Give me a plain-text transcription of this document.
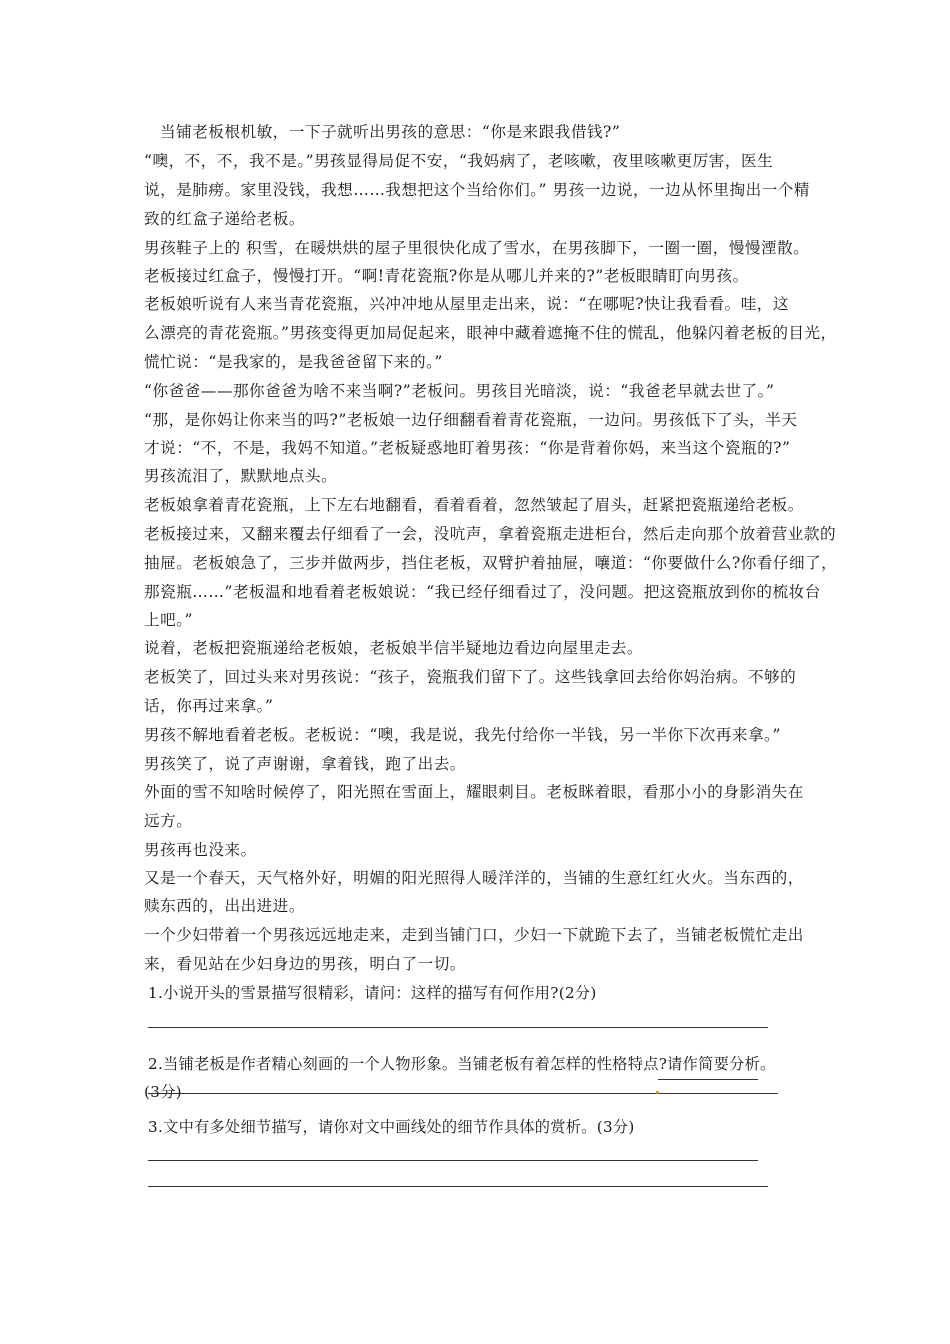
当铺老板根机敏，一下子就听出男孩的意思：“你是来跟我借钱?”

“噢，不，不，我不是。”男孩显得局促不安，“我妈病了，老咳嗽，夜里咳嗽更厉害，医生

说，是肺痨。家里没钱，我想……我想把这个当给你们。” 男孩一边说，一边从怀里掏出一个精

致的红盒子递给老板。

男孩鞋子上的 积雪，在暖烘烘的屋子里很快化成了雪水，在男孩脚下，一圈一圈，慢慢湮散。

老板接过红盒子，慢慢打开。“啊!青花瓷瓶?你是从哪儿并来的?”老板眼睛盯向男孩。

老板娘听说有人来当青花瓷瓶，兴冲冲地从屋里走出来，说：“在哪呢?快让我看看。哇，这

么漂亮的青花瓷瓶。”男孩变得更加局促起来，眼神中藏着遮掩不住的慌乱，他躲闪着老板的目光，

慌忙说：“是我家的，是我爸爸留下来的。”

“你爸爸——那你爸爸为啥不来当啊?”老板问。男孩目光暗淡，说：“我爸老早就去世了。”

“那，是你妈让你来当的吗?”老板娘一边仔细翻看着青花瓷瓶，一边问。男孩低下了头，半天

才说：“不，不是，我妈不知道。”老板疑惑地盯着男孩：“你是背着你妈，来当这个瓷瓶的?”

男孩流泪了，默默地点头。

老板娘拿着青花瓷瓶，上下左右地翻看，看着看着，忽然皱起了眉头，赶紧把瓷瓶递给老板。

老板接过来，又翻来覆去仔细看了一会，没吭声，拿着瓷瓶走进柜台，然后走向那个放着营业款的

抽屉。老板娘急了，三步并做两步，挡住老板，双臂护着抽屉，嚷道：“你要做什么?你看仔细了，

那瓷瓶……”老板温和地看着老板娘说：“我已经仔细看过了，没问题。把这瓷瓶放到你的梳妆台

上吧。”

说着，老板把瓷瓶递给老板娘，老板娘半信半疑地边看边向屋里走去。

老板笑了，回过头来对男孩说：“孩子，瓷瓶我们留下了。这些钱拿回去给你妈治病。不够的

话，你再过来拿。”

男孩不解地看着老板。老板说：“噢，我是说，我先付给你一半钱，另一半你下次再来拿。”

男孩笑了，说了声谢谢，拿着钱，跑了出去。

外面的雪不知啥时候停了，阳光照在雪面上，耀眼刺目。老板眯着眼，看那小小的身影消失在

远方。

男孩再也没来。

又是一个春天，天气格外好，明媚的阳光照得人暖洋洋的，当铺的生意红红火火。当东西的，

赎东西的，出出进进。

一个少妇带着一个男孩远远地走来，走到当铺门口，少妇一下就跪下去了，当铺老板慌忙走出

来，看见站在少妇身边的男孩，明白了一切。

1.小说开头的雪景描写很精彩，请问：这样的描写有何作用?(2分)

2.当铺老板是作者精心刻画的一个人物形象。当铺老板有着怎样的性格特点?请作简要分析。

(3分)

3.文中有多处细节描写，请你对文中画线处的细节作具体的赏析。(3分)
